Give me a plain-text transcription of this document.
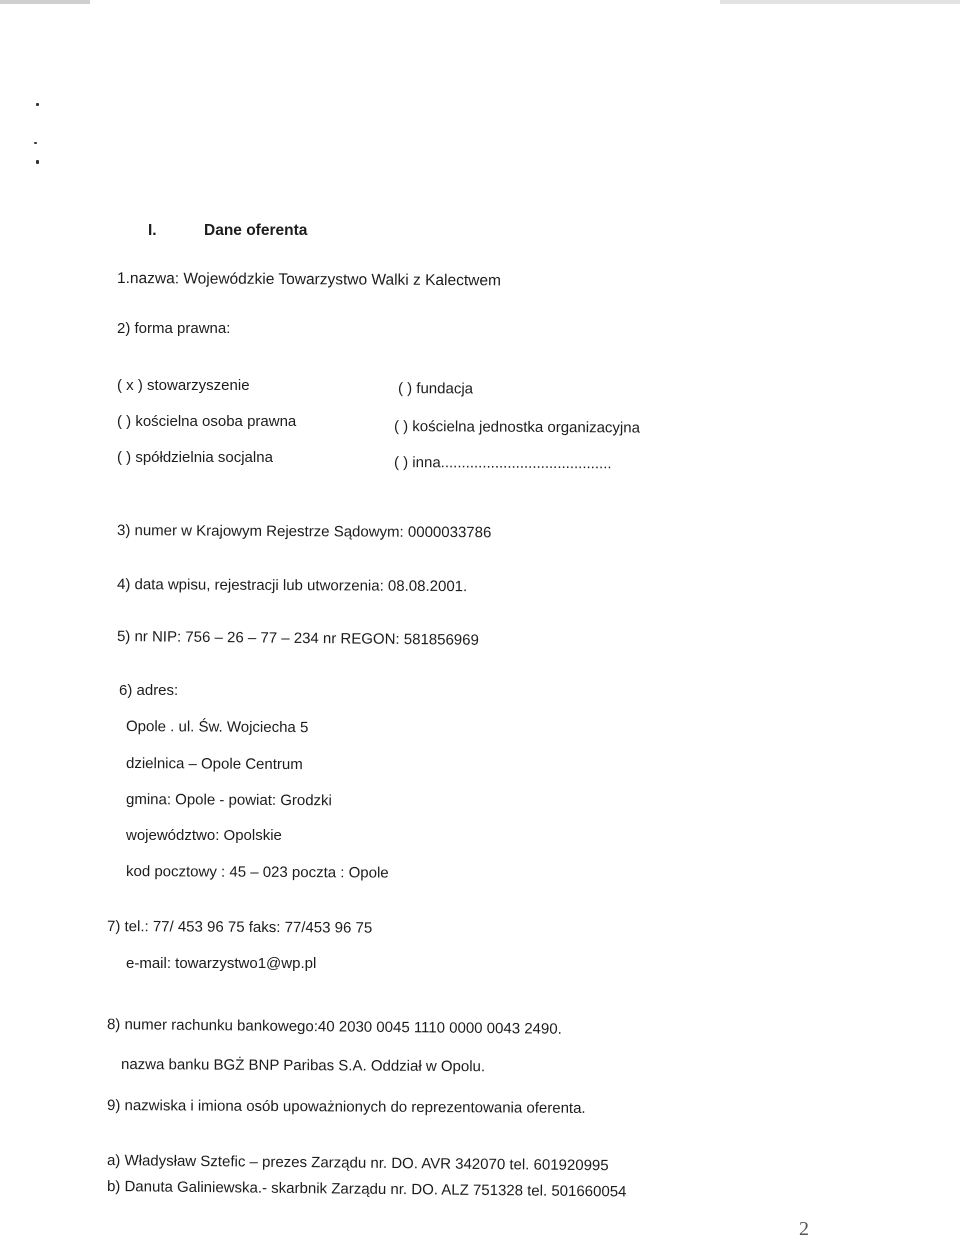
I.	Dane oferenta
1.nazwa: Wojewódzkie Towarzystwo Walki z Kalectwem
2) forma prawna:
( x ) stowarzyszenie	( ) fundacja
( ) kościelna osoba prawna	( ) kościelna jednostka organizacyjna
( ) spółdzielnia socjalna	( ) inna.........................................
3) numer w Krajowym Rejestrze Sądowym: 0000033786
4) data wpisu, rejestracji lub utworzenia: 08.08.2001.
5) nr NIP: 756 – 26 – 77 – 234 nr REGON: 581856969
6) adres:
Opole . ul. Św. Wojciecha 5
dzielnica – Opole Centrum
gmina: Opole - powiat: Grodzki
województwo: Opolskie
kod pocztowy : 45 – 023 poczta : Opole
7) tel.: 77/ 453 96 75 faks: 77/453 96 75
e-mail: towarzystwo1@wp.pl
8) numer rachunku bankowego:40 2030 0045 1110 0000 0043 2490.
nazwa banku BGŻ BNP Paribas S.A. Oddział w Opolu.
9) nazwiska i imiona osób upoważnionych do reprezentowania oferenta.
a) Władysław Sztefic – prezes Zarządu nr. DO. AVR 342070 tel. 601920995
b) Danuta Galiniewska.- skarbnik Zarządu nr. DO. ALZ 751328 tel. 501660054
2
